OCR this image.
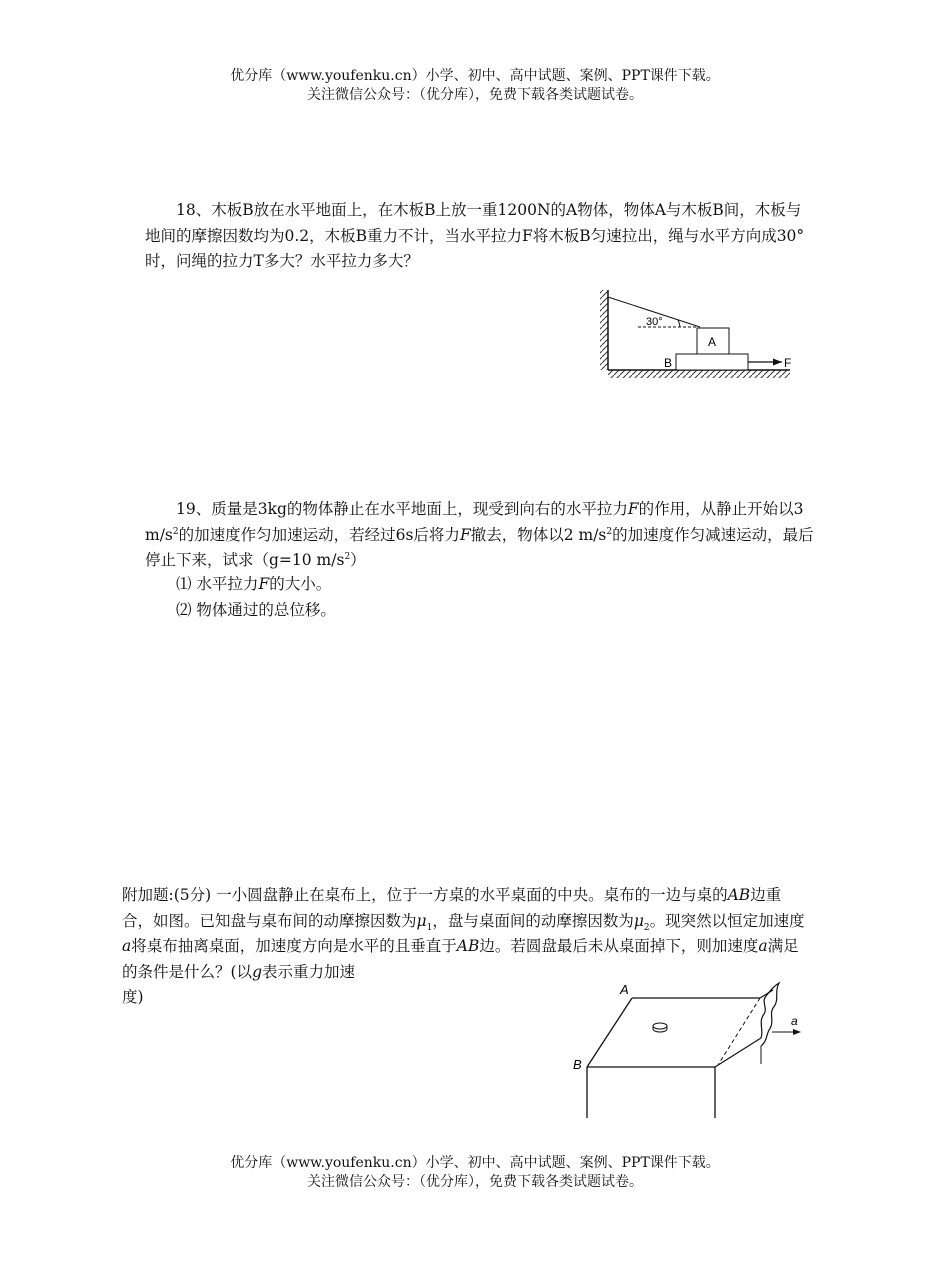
优分库（www.youfenku.cn）小学、初中、高中试题、案例、PPT课件下载。
关注微信公众号：（优分库），免费下载各类试题试卷。
18、木板B放在水平地面上，在木板B上放一重1200N的A物体，物体A与木板B间，木板与地间的摩擦因数均为0.2，木板B重力不计，当水平拉力F将木板B匀速拉出，绳与水平方向成30°时，问绳的拉力T多大？水平拉力多大？
30°
A
B	F
19、质量是3kg的物体静止在水平地面上，现受到向右的水平拉力F的作用，从静止开始以3 $m/s^2$的加速度作匀加速运动，若经过6s后将力F撤去，物体以2 $m/s^2$的加速度作匀减速运动，最后停止下来，试求（g=10 $m/s^2$）
⑴ 水平拉力F的大小。
⑵ 物体通过的总位移。
附加题:(5分) 一小圆盘静止在桌布上，位于一方桌的水平桌面的中央。桌布的一边与桌的AB边重合，如图。已知盘与桌布间的动摩擦因数为$\mu_1$，盘与桌面间的动摩擦因数为$\mu_2$。现突然以恒定加速度a将桌布抽离桌面，加速度方向是水平的且垂直于AB边。若圆盘最后未从桌面掉下，则加速度a满足的条件是什么？(以g表示重力加速
度)	A
B
a
优分库（www.youfenku.cn）小学、初中、高中试题、案例、PPT课件下载。
关注微信公众号：（优分库），免费下载各类试题试卷。
